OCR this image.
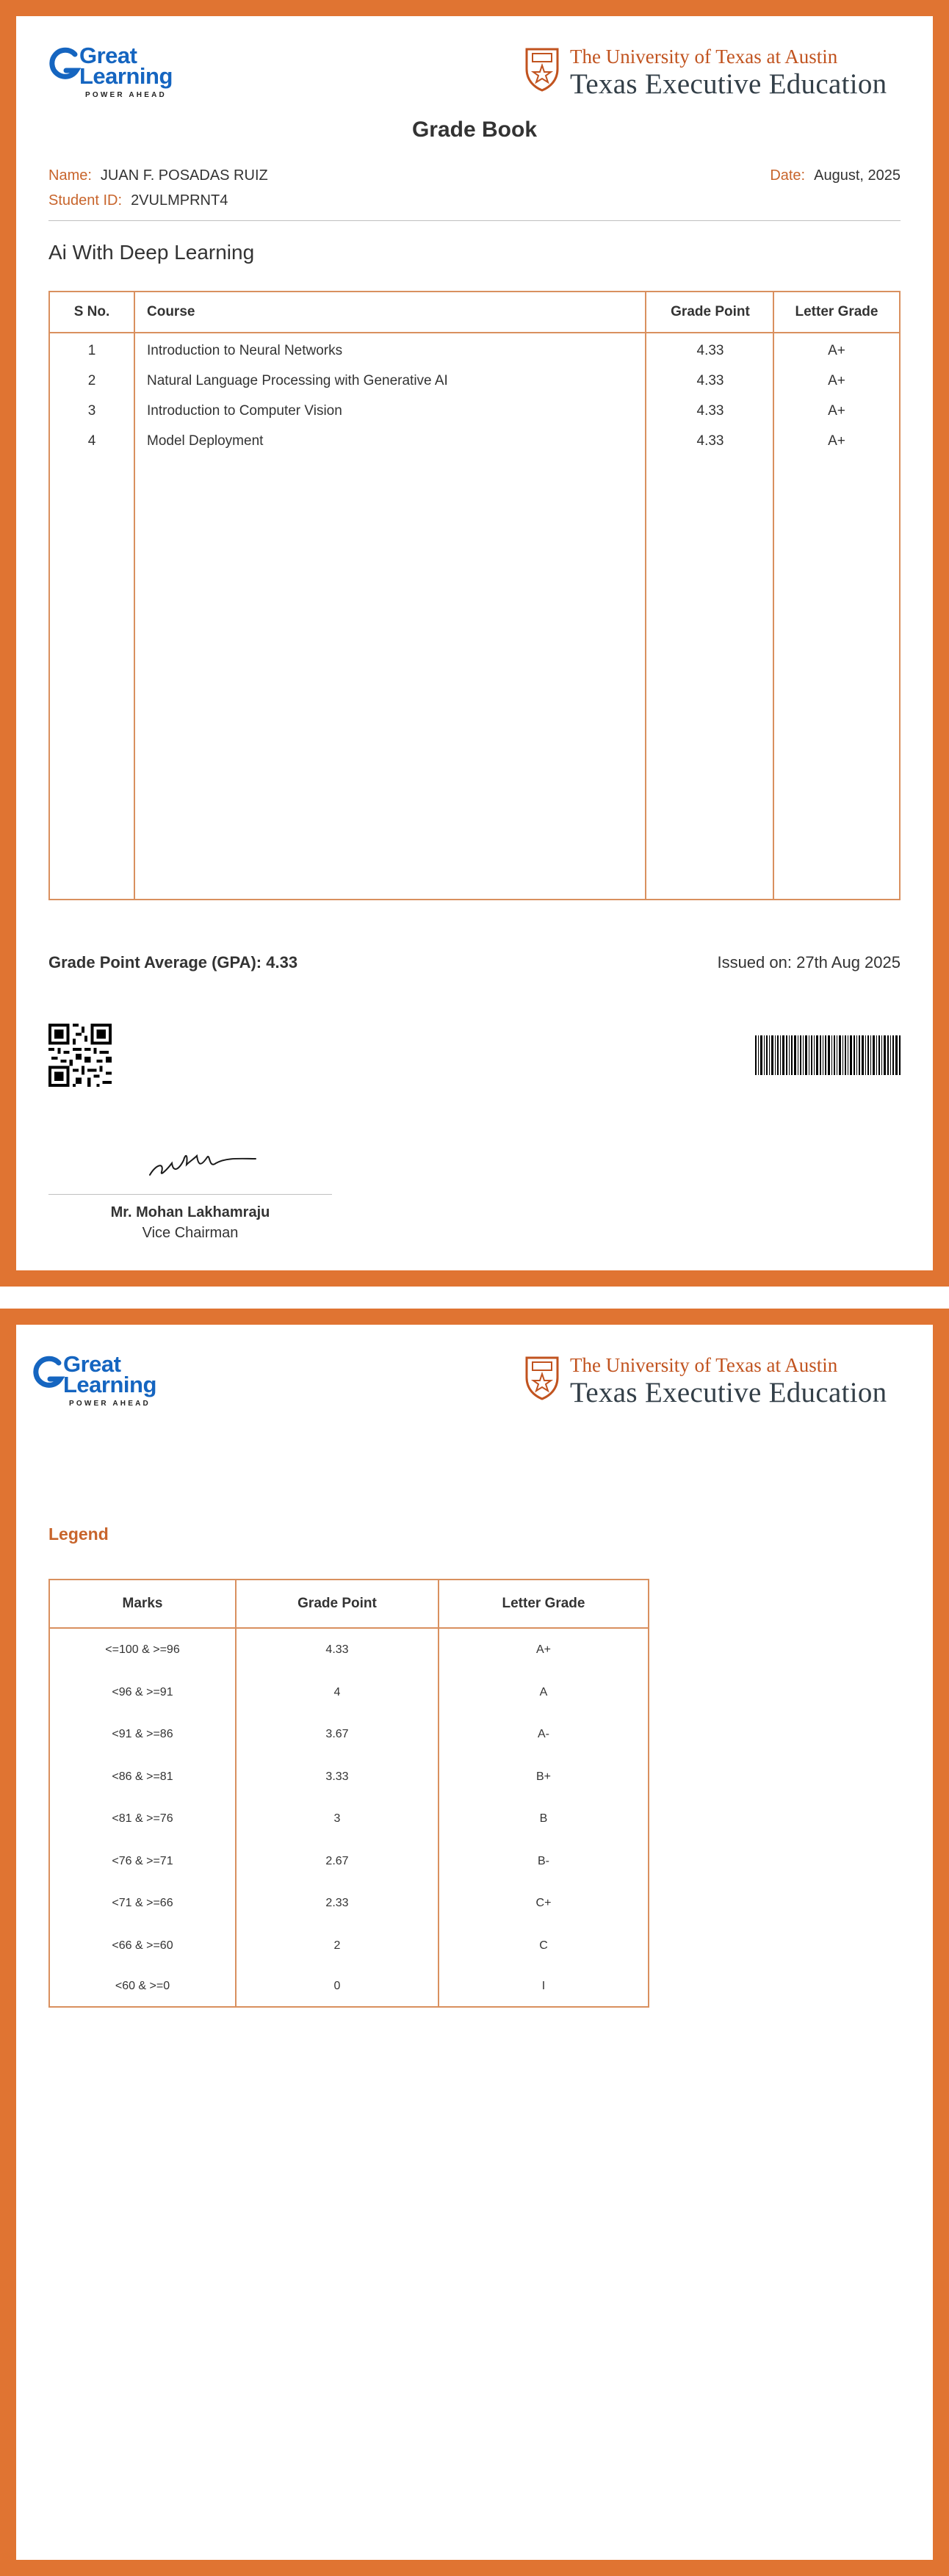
Great
Learning
POWER AHEAD
The University of Texas at Austin
Texas Executive Education
Grade Book
Name: JUAN F. POSADAS RUIZ	Date: August, 2025
Student ID: 2VULMPRNT4
Ai With Deep Learning
S No.	Course	Grade Point	Letter Grade
1	Introduction to Neural Networks	4.33	A+
2	Natural Language Processing with Generative AI	4.33	A+
3	Introduction to Computer Vision	4.33	A+
4	Model Deployment	4.33	A+
Grade Point Average (GPA): 4.33	Issued on: 27th Aug 2025
Mr. Mohan Lakhamraju
Vice Chairman
Great
Learning
POWER AHEAD
The University of Texas at Austin
Texas Executive Education
Legend
Marks	Grade Point	Letter Grade
<=100 & >=96	4.33	A+
<96 & >=91	4	A
<91 & >=86	3.67	A-
<86 & >=81	3.33	B+
<81 & >=76	3	B
<76 & >=71	2.67	B-
<71 & >=66	2.33	C+
<66 & >=60	2	C
<60 & >=0	0	I
